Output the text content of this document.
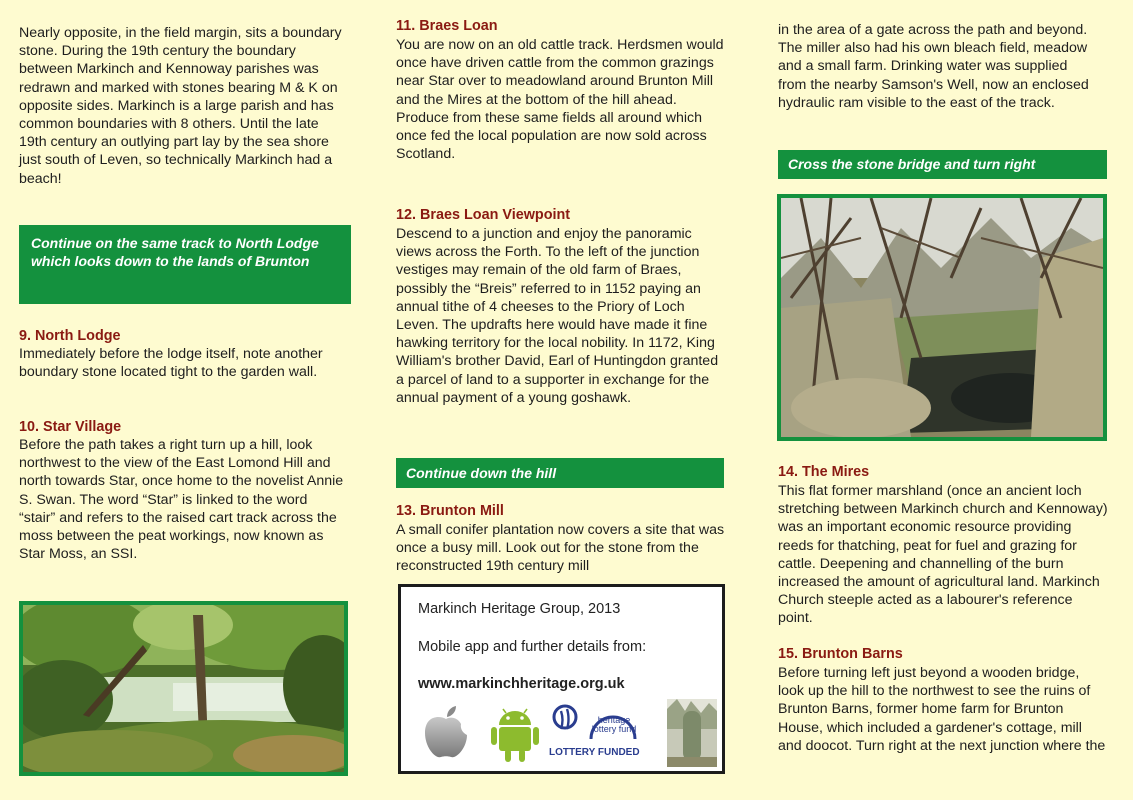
Nearly opposite, in the field margin, sits a boundary stone. During the 19th century the boundary between Markinch and Kennoway parishes was redrawn and marked with stones bearing M & K on opposite sides. Markinch is a large parish and has common boundaries with 8 others. Until the late 19th century an outlying part lay by the sea shore just south of Leven, so technically Markinch had a beach!

Continue on the same track to North Lodge which looks down to the lands of Brunton

9. North Lodge

Immediately before the lodge itself, note another boundary stone located tight to the garden wall.

10. Star Village

Before the path takes a right turn up a hill, look northwest to the view of the East Lomond Hill and north towards Star, once home to the novelist Annie S. Swan. The word “Star” is linked to the word “stair” and refers to the raised cart track across the moss between the peat workings, now known as Star Moss, an SSI.

11. Braes Loan

You are now on an old cattle track. Herdsmen would once have driven cattle from the common grazings near Star over to meadowland around Brunton Mill and the Mires at the bottom of the hill ahead. Produce from these same fields all around which once fed the local population are now sold across Scotland.

12. Braes Loan Viewpoint

Descend to a junction and enjoy the panoramic views across the Forth. To the left of the junction vestiges may remain of the old farm of Braes, possibly the “Breis” referred to in 1152 paying an annual tithe of 4 cheeses to the Priory of Loch Leven. The updrafts here would have made it fine hawking territory for the local nobility. In 1172, King William's brother David, Earl of Huntingdon granted a parcel of land to a supporter in exchange for the annual payment of a young goshawk.

Continue down the hill

13. Brunton Mill

A small conifer plantation now covers a site that was once a busy mill. Look out for the stone from the reconstructed 19th century mill

Markinch Heritage Group, 2013
Mobile app and further details from:
www.markinchheritage.org.uk
heritage lottery fund
LOTTERY FUNDED

in the area of a gate across the path and beyond. The miller also had his own bleach field, meadow and a small farm. Drinking water was supplied from the nearby Samson's Well, now an enclosed hydraulic ram visible to the east of the track.

Cross the stone bridge and turn right

14. The Mires

This flat former marshland (once an ancient loch stretching between Markinch church and Kennoway) was an important economic resource providing reeds for thatching, peat for fuel and grazing for cattle. Deepening and channelling of the burn increased the amount of agricultural land. Markinch Church steeple acted as a labourer's reference point.

15. Brunton Barns

Before turning left just beyond a wooden bridge, look up the hill to the northwest to see the ruins of Brunton Barns, former home farm for Brunton House, which included a gardener's cottage, mill and doocot. Turn right at the next junction where the
